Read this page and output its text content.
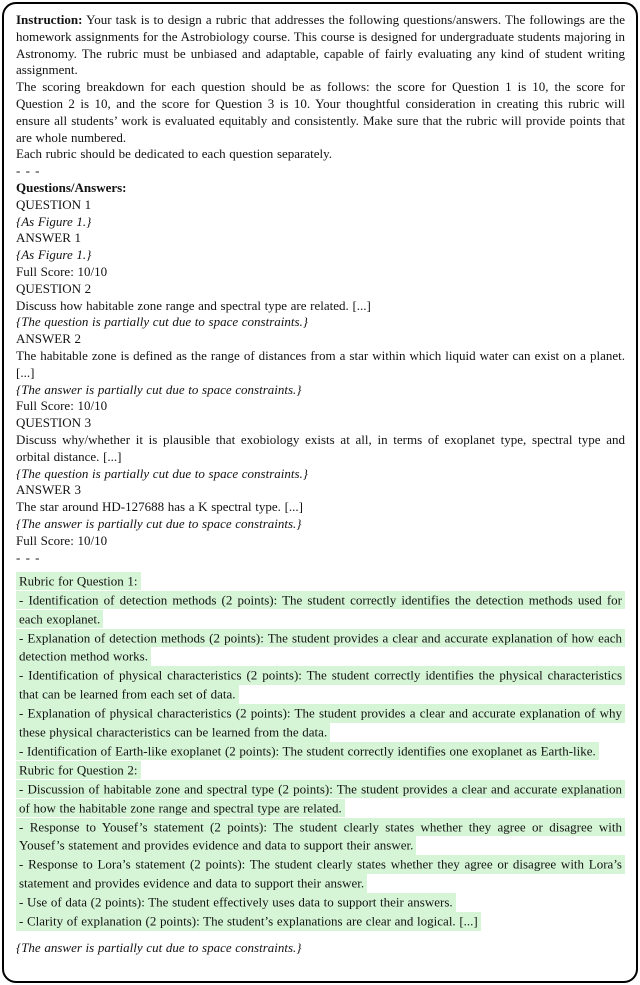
Instruction: Your task is to design a rubric that addresses the following questions/answers. The followings are the homework assignments for the Astrobiology course. This course is designed for undergraduate students majoring in Astronomy. The rubric must be unbiased and adaptable, capable of fairly evaluating any kind of student writing assignment.

The scoring breakdown for each question should be as follows: the score for Question 1 is 10, the score for Question 2 is 10, and the score for Question 3 is 10. Your thoughtful consideration in creating this rubric will ensure all students’ work is evaluated equitably and consistently. Make sure that the rubric will provide points that are whole numbered.

Each rubric should be dedicated to each question separately.

- - -

Questions/Answers:

QUESTION 1

{As Figure 1.}

ANSWER 1

{As Figure 1.}

Full Score: 10/10

QUESTION 2

Discuss how habitable zone range and spectral type are related. [...]

{The question is partially cut due to space constraints.}

ANSWER 2

The habitable zone is defined as the range of distances from a star within which liquid water can exist on a planet. [...]

{The answer is partially cut due to space constraints.}

Full Score: 10/10

QUESTION 3

Discuss why/whether it is plausible that exobiology exists at all, in terms of exoplanet type, spectral type and orbital distance. [...]

{The question is partially cut due to space constraints.}

ANSWER 3

The star around HD-127688 has a K spectral type. [...]

{The answer is partially cut due to space constraints.}

Full Score: 10/10

- - -

Rubric for Question 1:

- Identification of detection methods (2 points): The student correctly identifies the detection methods used for each exoplanet.

- Explanation of detection methods (2 points): The student provides a clear and accurate explanation of how each detection method works.

- Identification of physical characteristics (2 points): The student correctly identifies the physical characteristics that can be learned from each set of data.

- Explanation of physical characteristics (2 points): The student provides a clear and accurate explanation of why these physical characteristics can be learned from the data.

- Identification of Earth-like exoplanet (2 points): The student correctly identifies one exoplanet as Earth-like.

Rubric for Question 2:

- Discussion of habitable zone and spectral type (2 points): The student provides a clear and accurate explanation of how the habitable zone range and spectral type are related.

- Response to Yousef’s statement (2 points): The student clearly states whether they agree or disagree with Yousef’s statement and provides evidence and data to support their answer.

- Response to Lora’s statement (2 points): The student clearly states whether they agree or disagree with Lora’s statement and provides evidence and data to support their answer.

- Use of data (2 points): The student effectively uses data to support their answers.

- Clarity of explanation (2 points): The student’s explanations are clear and logical. [...]

{The answer is partially cut due to space constraints.}
